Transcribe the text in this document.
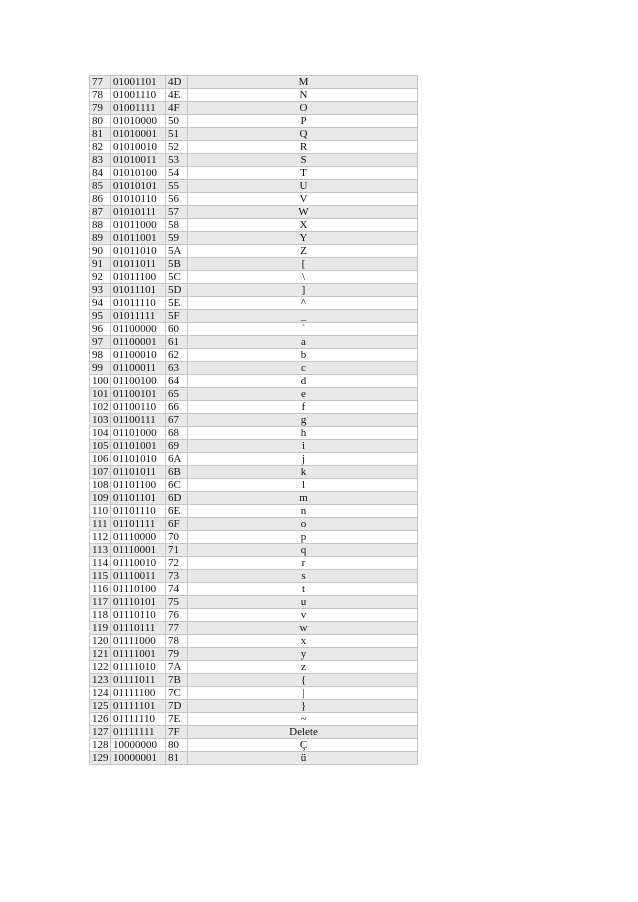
77	01001101	4D	M
78	01001110	4E	N
79	01001111	4F	O
80	01010000	50	P
81	01010001	51	Q
82	01010010	52	R
83	01010011	53	S
84	01010100	54	T
85	01010101	55	U
86	01010110	56	V
87	01010111	57	W
88	01011000	58	X
89	01011001	59	Y
90	01011010	5A	Z
91	01011011	5B	[
92	01011100	5C	\
93	01011101	5D	]
94	01011110	5E	^
95	01011111	5F	_
96	01100000	60	`
97	01100001	61	a
98	01100010	62	b
99	01100011	63	c
100	01100100	64	d
101	01100101	65	e
102	01100110	66	f
103	01100111	67	g
104	01101000	68	h
105	01101001	69	i
106	01101010	6A	j
107	01101011	6B	k
108	01101100	6C	l
109	01101101	6D	m
110	01101110	6E	n
111	01101111	6F	o
112	01110000	70	p
113	01110001	71	q
114	01110010	72	r
115	01110011	73	s
116	01110100	74	t
117	01110101	75	u
118	01110110	76	v
119	01110111	77	w
120	01111000	78	x
121	01111001	79	y
122	01111010	7A	z
123	01111011	7B	{
124	01111100	7C	|
125	01111101	7D	}
126	01111110	7E	~
127	01111111	7F	Delete
128	10000000	80	Ç
129	10000001	81	ü
